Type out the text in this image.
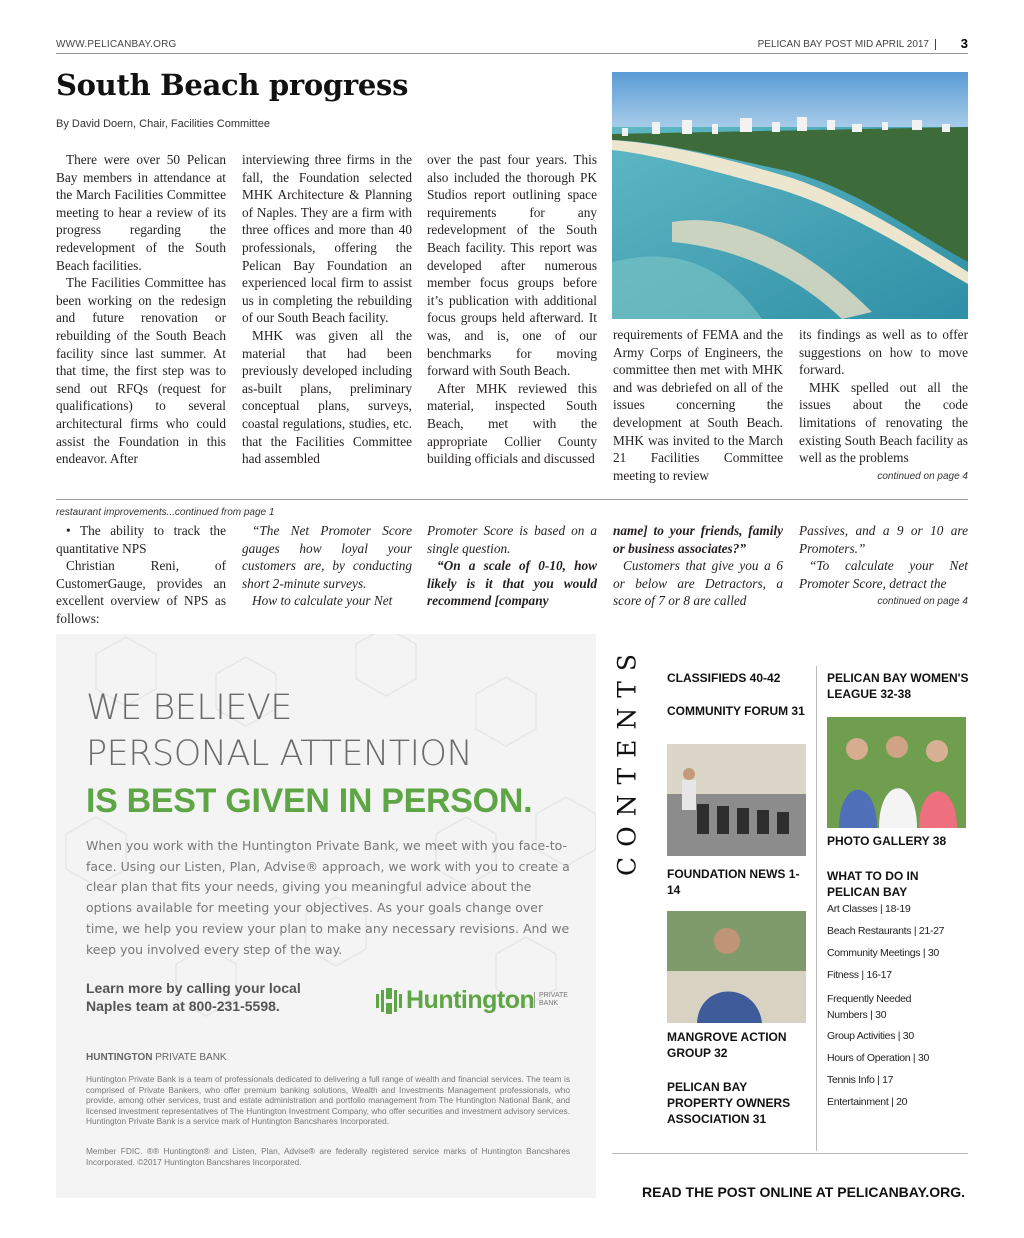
WWW.PELICANBAY.ORG	PELICAN BAY POST MID APRIL 2017	3
South Beach progress
By David Doern, Chair, Facilities Committee

There were over 50 Pelican Bay members in attendance at the March Facilities Committee meeting to hear a review of its progress regarding the redevelopment of the South Beach facilities.

The Facilities Committee has been working on the redesign and future renovation or rebuilding of the South Beach facility since last summer. At that time, the first step was to send out RFQs (request for qualifications) to several architectural firms who could assist the Foundation in this endeavor. After

interviewing three firms in the fall, the Foundation selected MHK Architecture & Planning of Naples. They are a firm with three offices and more than 40 professionals, offering the Pelican Bay Foundation an experienced local firm to assist us in completing the rebuilding of our South Beach facility.

MHK was given all the material that had been previously developed including as-built plans, preliminary conceptual plans, surveys, coastal regulations, studies, etc. that the Facilities Committee had assembled

over the past four years. This also included the thorough PK Studios report outlining space requirements for any redevelopment of the South Beach facility. This report was developed after numerous member focus groups before it’s publication with additional focus groups held afterward. It was, and is, one of our benchmarks for moving forward with South Beach.

After MHK reviewed this material, inspected South Beach, met with the appropriate Collier County building officials and discussed

requirements of FEMA and the Army Corps of Engineers, the committee then met with MHK and was debriefed on all of the issues concerning the development at South Beach. MHK was invited to the March 21 Facilities Committee meeting to review

its findings as well as to offer suggestions on how to move forward.

MHK spelled out all the issues about the code limitations of renovating the existing South Beach facility as well as the problems

continued on page 4
restaurant improvements...continued from page 1

• The ability to track the quantitative NPS

Christian Reni, of CustomerGauge, provides an excellent overview of NPS as follows:

“The Net Promoter Score gauges how loyal your customers are, by conducting short 2-minute surveys.

How to calculate your Net

Promoter Score is based on a single question.

“On a scale of 0-10, how likely is it that you would recommend [company

name] to your friends, family or business associates?”

Customers that give you a 6 or below are Detractors, a score of 7 or 8 are called

Passives, and a 9 or 10 are Promoters.”

“To calculate your Net Promoter Score, detract the

continued on page 4
WE BELIEVE
PERSONAL ATTENTION
IS BEST GIVEN IN PERSON.
When you work with the Huntington Private Bank, we meet with you face-to-face. Using our Listen, Plan, Advise® approach, we work with you to create a clear plan that fits your needs, giving you meaningful advice about the options available for meeting your objectives. As your goals change over time, we help you review your plan to make any necessary revisions. And we keep you involved every step of the way.
Learn more by calling your local Naples team at 800-231-5598.	Huntington PRIVATE
BANK
HUNTINGTON PRIVATE BANK
Huntington Private Bank is a team of professionals dedicated to delivering a full range of wealth and financial services. The team is comprised of Private Bankers, who offer premium banking solutions, Wealth and Investments Management professionals, who provide, among other services, trust and estate administration and portfolio management from The Huntington National Bank, and licensed investment representatives of The Huntington Investment Company, who offer securities and investment advisory services. Huntington Private Bank is a service mark of Huntington Bancshares Incorporated.
Member FDIC. ®® Huntington® and Listen, Plan, Advise® are federally registered service marks of Huntington Bancshares Incorporated. ©2017 Huntington Bancshares Incorporated.
CONTENTS CLASSIFIEDS 40-42
COMMUNITY FORUM 31
FOUNDATION NEWS 1-14
MANGROVE ACTION GROUP 32
PELICAN BAY PROPERTY OWNERS ASSOCIATION 31
PELICAN BAY WOMEN'S LEAGUE 32-38
PHOTO GALLERY 38
WHAT TO DO IN PELICAN BAY
Art Classes | 18-19
Beach Restaurants | 21-27
Community Meetings | 30
Fitness | 16-17
Frequently Needed Numbers | 30
Group Activities | 30
Hours of Operation | 30
Tennis Info | 17
Entertainment | 20
READ THE POST ONLINE AT PELICANBAY.ORG.
